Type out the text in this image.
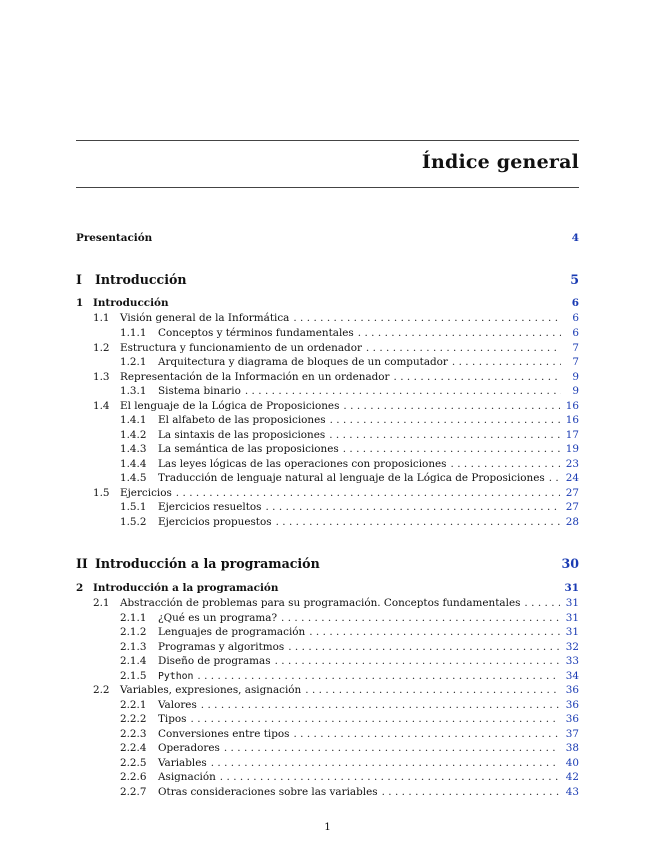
Índice general
Presentación	4
I	Introducción	5
1 Introducción	6
1.1	Visión general de la Informática .....	6
1.1.1	Conceptos y términos fundamentales .....	6
1.2	Estructura y funcionamiento de un ordenador .....	7
1.2.1	Arquitectura y diagrama de bloques de un computador .....	7
1.3	Representación de la Información en un ordenador .....	9
1.3.1	Sistema binario .....	9
1.4	El lenguaje de la Lógica de Proposiciones .....	16
1.4.1	El alfabeto de las proposiciones .....	16
1.4.2	La sintaxis de las proposiciones .....	17
1.4.3	La semántica de las proposiciones .....	19
1.4.4	Las leyes lógicas de las operaciones con proposiciones .....	23
1.4.5	Traducción de lenguaje natural al lenguaje de la Lógica de Proposiciones ..... 24
1.5	Ejercicios .....	27
1.5.1	Ejercicios resueltos .....	27
1.5.2	Ejercicios propuestos .....	28
II Introducción a la programación	30
2 Introducción a la programación	31
2.1	Abstracción de problemas para su programación. Conceptos fundamentales .....	31
2.1.1	¿Qué es un programa? .....	31
2.1.2	Lenguajes de programación .....	31
2.1.3	Programas y algoritmos .....	32
2.1.4	Diseño de programas .....	33
2.1.5	Python .....	34
2.2	Variables, expresiones, asignación .....	36
2.2.1	Valores .....	36
2.2.2	Tipos .....	36
2.2.3	Conversiones entre tipos .....	37
2.2.4	Operadores .....	38
2.2.5	Variables .....	40
2.2.6	Asignación .....	42
2.2.7	Otras consideraciones sobre las variables .....	43
1
